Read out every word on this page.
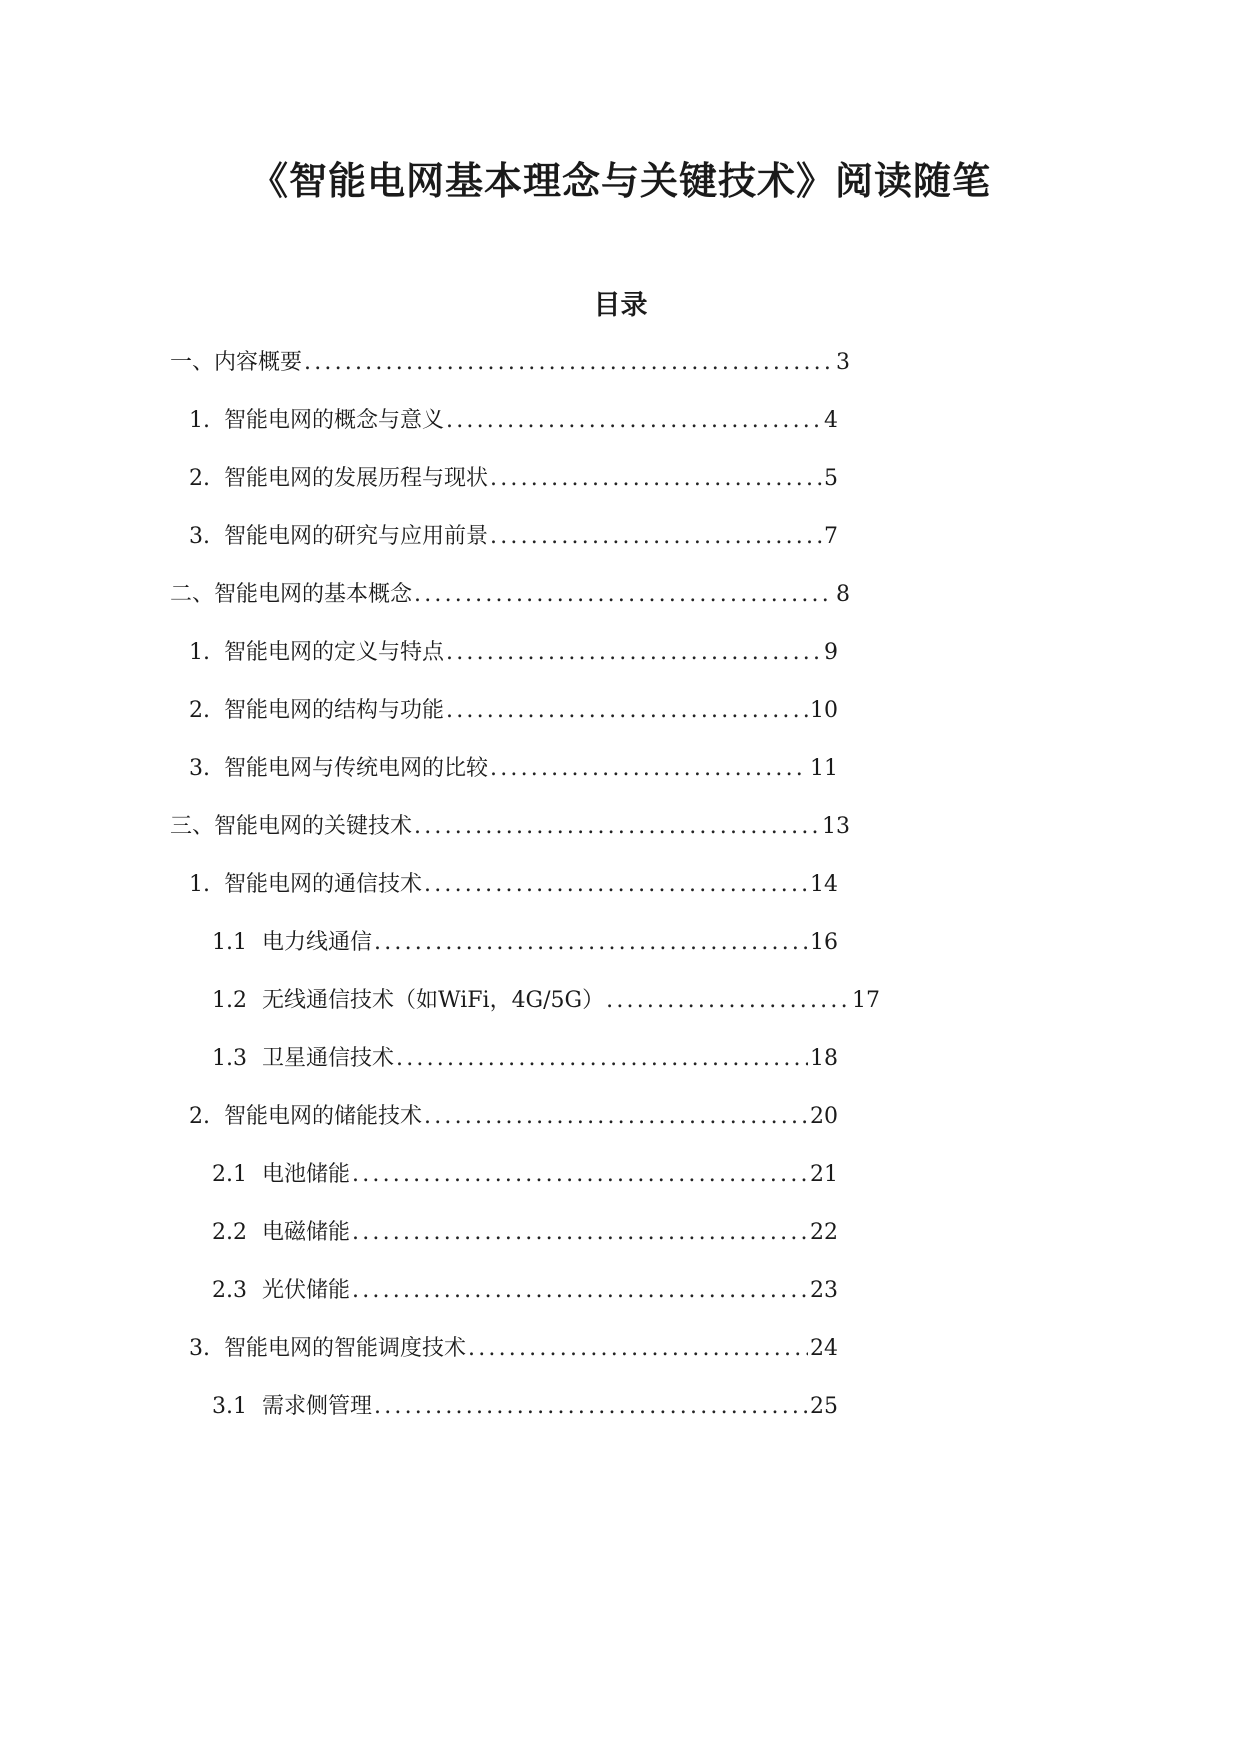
《智能电网基本理念与关键技术》阅读随笔
目录
一、内容概要 .....	3
1. 智能电网的概念与意义 .....	4
2. 智能电网的发展历程与现状 .....	5
3. 智能电网的研究与应用前景 .....	7
二、智能电网的基本概念 .....	8
1. 智能电网的定义与特点 .....	9
2. 智能电网的结构与功能 .....	10
3. 智能电网与传统电网的比较 .....	11
三、智能电网的关键技术 .....	13
1. 智能电网的通信技术 .....	14
1.1 电力线通信 .....	16
1.2 无线通信技术（如WiFi，4G/5G） .....	17
1.3 卫星通信技术 .....	18
2. 智能电网的储能技术 .....	20
2.1 电池储能 .....	21
2.2 电磁储能 .....	22
2.3 光伏储能 .....	23
3. 智能电网的智能调度技术 .....	24
3.1 需求侧管理 .....	25
